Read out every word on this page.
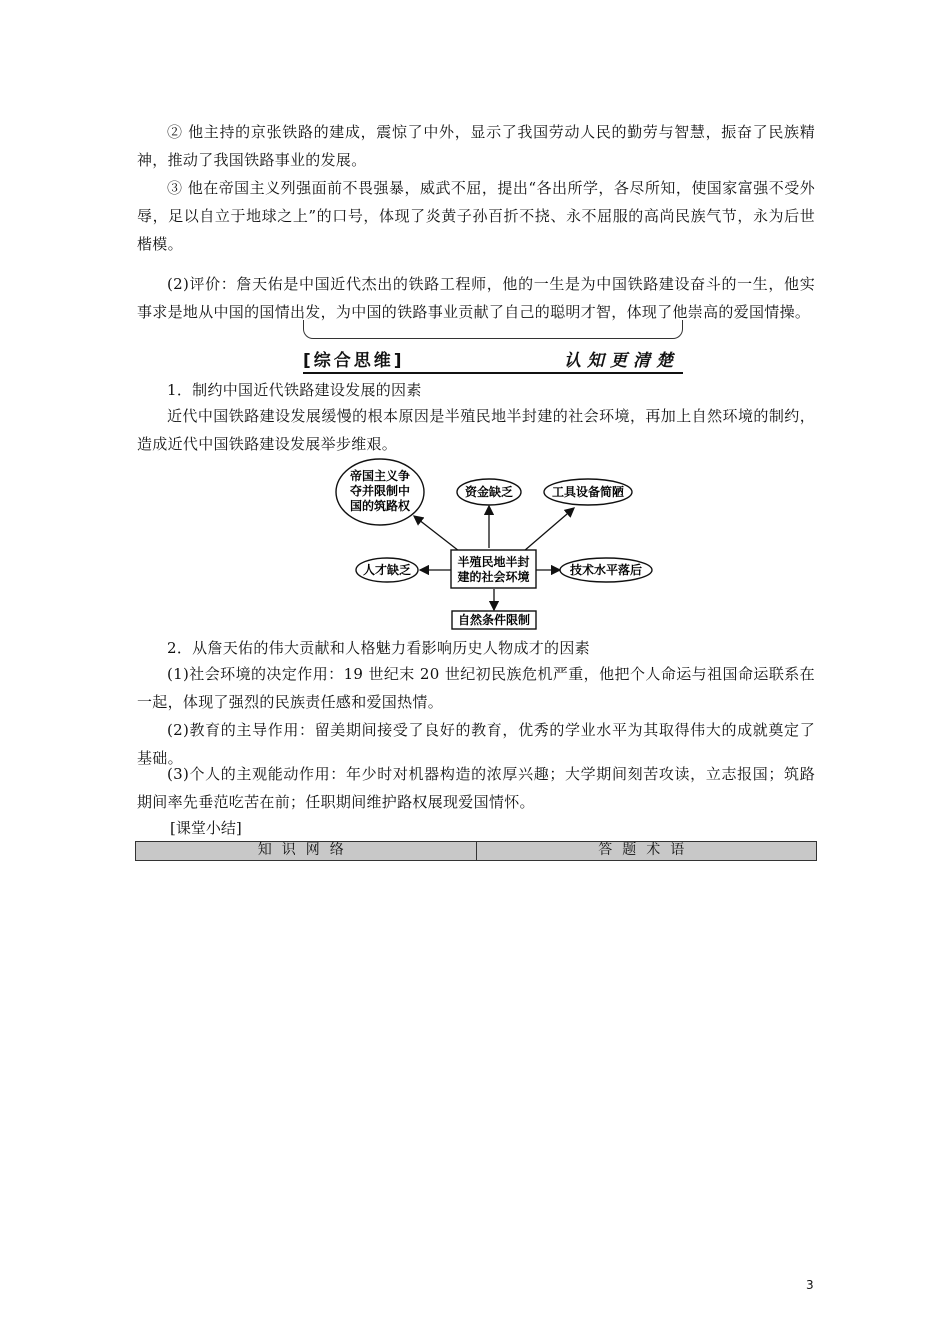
② 他主持的京张铁路的建成，震惊了中外，显示了我国劳动人民的勤劳与智慧，振奋了民族精神，推动了我国铁路事业的发展。

③ 他在帝国主义列强面前不畏强暴，威武不屈，提出“各出所学，各尽所知，使国家富强不受外辱，足以自立于地球之上”的口号，体现了炎黄子孙百折不挠、永不屈服的高尚民族气节，永为后世楷模。

(2)评价：詹天佑是中国近代杰出的铁路工程师，他的一生是为中国铁路建设奋斗的一生，他实事求是地从中国的国情出发，为中国的铁路事业贡献了自己的聪明才智，体现了他崇高的爱国情操。

[综合思维]	认知更清楚

1．制约中国近代铁路建设发展的因素

近代中国铁路建设发展缓慢的根本原因是半殖民地半封建的社会环境，再加上自然环境的制约，造成近代中国铁路建设发展举步维艰。

半殖民地半封
建的社会环境
帝国主义争
夺并限制中
国的筑路权
资金缺乏	工具设备简陋
人才缺乏	技术水平落后
自然条件限制

2．从詹天佑的伟大贡献和人格魅力看影响历史人物成才的因素

(1)社会环境的决定作用：19 世纪末 20 世纪初民族危机严重，他把个人命运与祖国命运联系在一起，体现了强烈的民族责任感和爱国热情。

(2)教育的主导作用：留美期间接受了良好的教育，优秀的学业水平为其取得伟大的成就奠定了基础。

(3)个人的主观能动作用：年少时对机器构造的浓厚兴趣；大学期间刻苦攻读，立志报国；筑路期间率先垂范吃苦在前；任职期间维护路权展现爱国情怀。

[课堂小结]
知识网络	答题术语
3
